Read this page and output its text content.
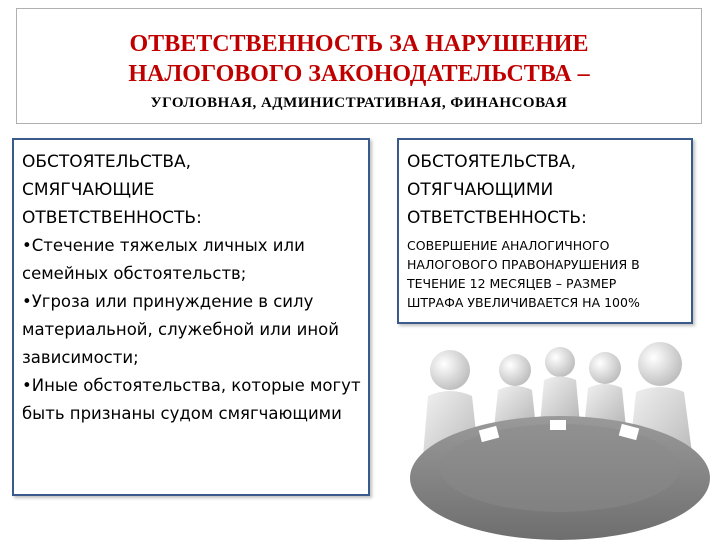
ОТВЕТСТВЕННОСТЬ ЗА НАРУШЕНИЕ
НАЛОГОВОГО ЗАКОНОДАТЕЛЬСТВА –
УГОЛОВНАЯ, АДМИНИСТРАТИВНАЯ, ФИНАНСОВАЯ
ОБСТОЯТЕЛЬСТВА,
СМЯГЧАЮЩИЕ
ОТВЕТСТВЕННОСТЬ:

•Стечение тяжелых личных или семейных обстоятельств;

•Угроза или принуждение в силу материальной, служебной или иной зависимости;

•Иные обстоятельства, которые могут быть признаны судом смягчающими

ОБСТОЯТЕЛЬСТВА,
ОТЯГЧАЮЩИМИ
ОТВЕТСТВЕННОСТЬ:
СОВЕРШЕНИЕ АНАЛОГИЧНОГО
НАЛОГОВОГО ПРАВОНАРУШЕНИЯ В
ТЕЧЕНИЕ 12 МЕСЯЦЕВ – РАЗМЕР
ШТРАФА УВЕЛИЧИВАЕТСЯ НА 100%
